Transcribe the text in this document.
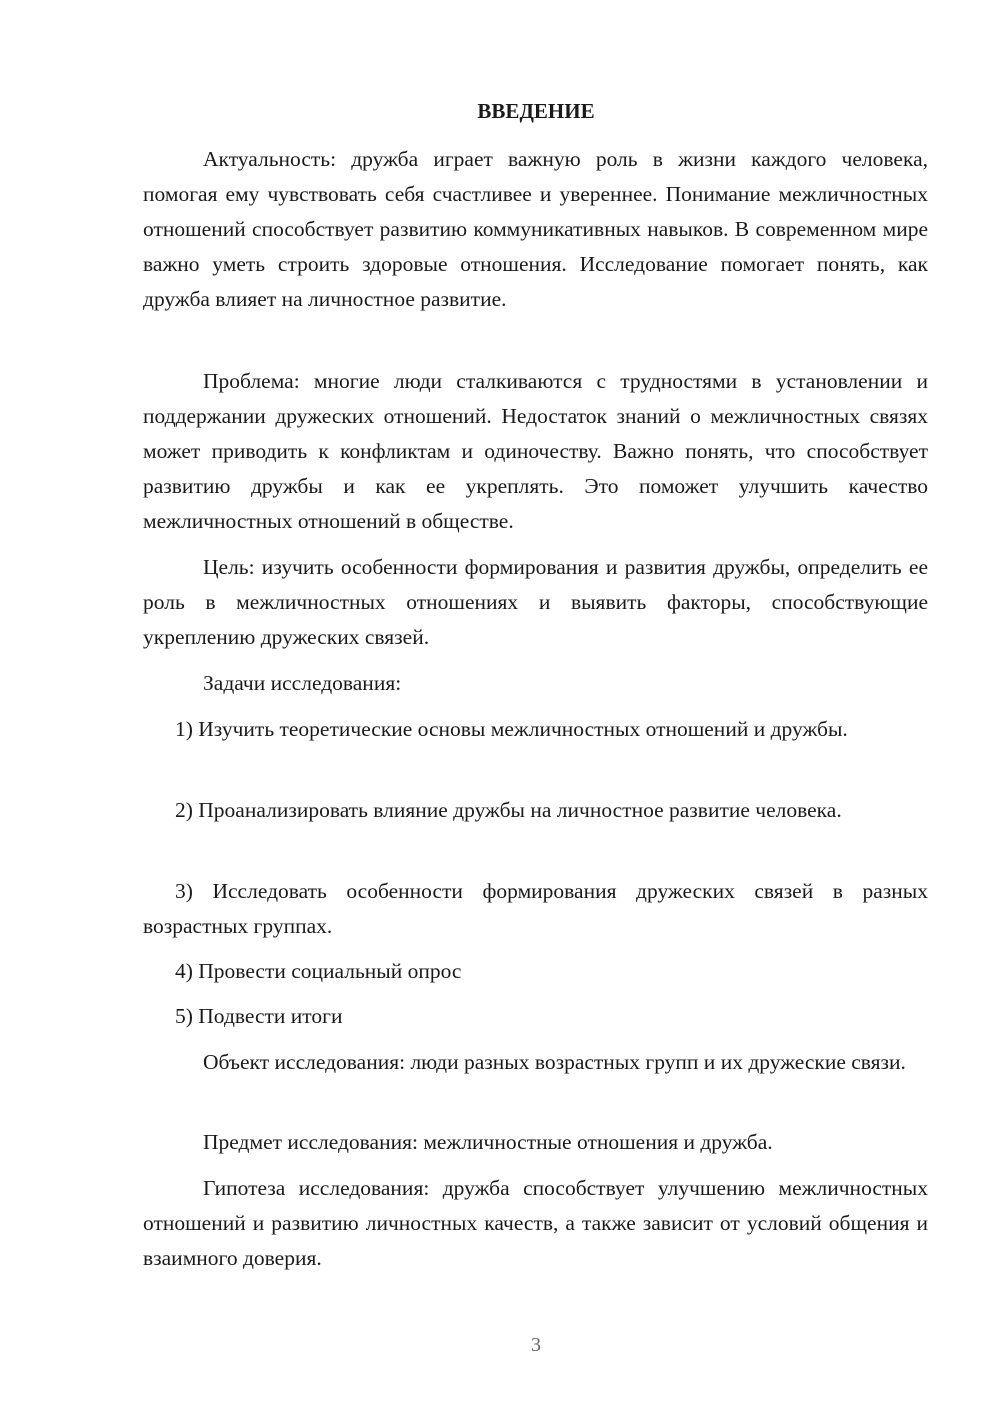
ВВЕДЕНИЕ

Актуальность: дружба играет важную роль в жизни каждого человека, помогая ему чувствовать себя счастливее и увереннее. Понимание межличностных отношений способствует развитию коммуникативных навыков. В современном мире важно уметь строить здоровые отношения. Исследование помогает понять, как дружба влияет на личностное развитие.

Проблема: многие люди сталкиваются с трудностями в установлении и поддержании дружеских отношений. Недостаток знаний о межличностных связях может приводить к конфликтам и одиночеству. Важно понять, что способствует развитию дружбы и как ее укреплять. Это поможет улучшить качество межличностных отношений в обществе.

Цель: изучить особенности формирования и развития дружбы, определить ее роль в межличностных отношениях и выявить факторы, способствующие укреплению дружеских связей.

Задачи исследования:

1) Изучить теоретические основы межличностных отношений и дружбы.

2) Проанализировать влияние дружбы на личностное развитие человека.

3) Исследовать особенности формирования дружеских связей в разных возрастных группах.

4) Провести социальный опрос

5) Подвести итоги

Объект исследования: люди разных возрастных групп и их дружеские связи.

Предмет исследования: межличностные отношения и дружба.

Гипотеза исследования: дружба способствует улучшению межличностных отношений и развитию личностных качеств, а также зависит от условий общения и взаимного доверия.

3
